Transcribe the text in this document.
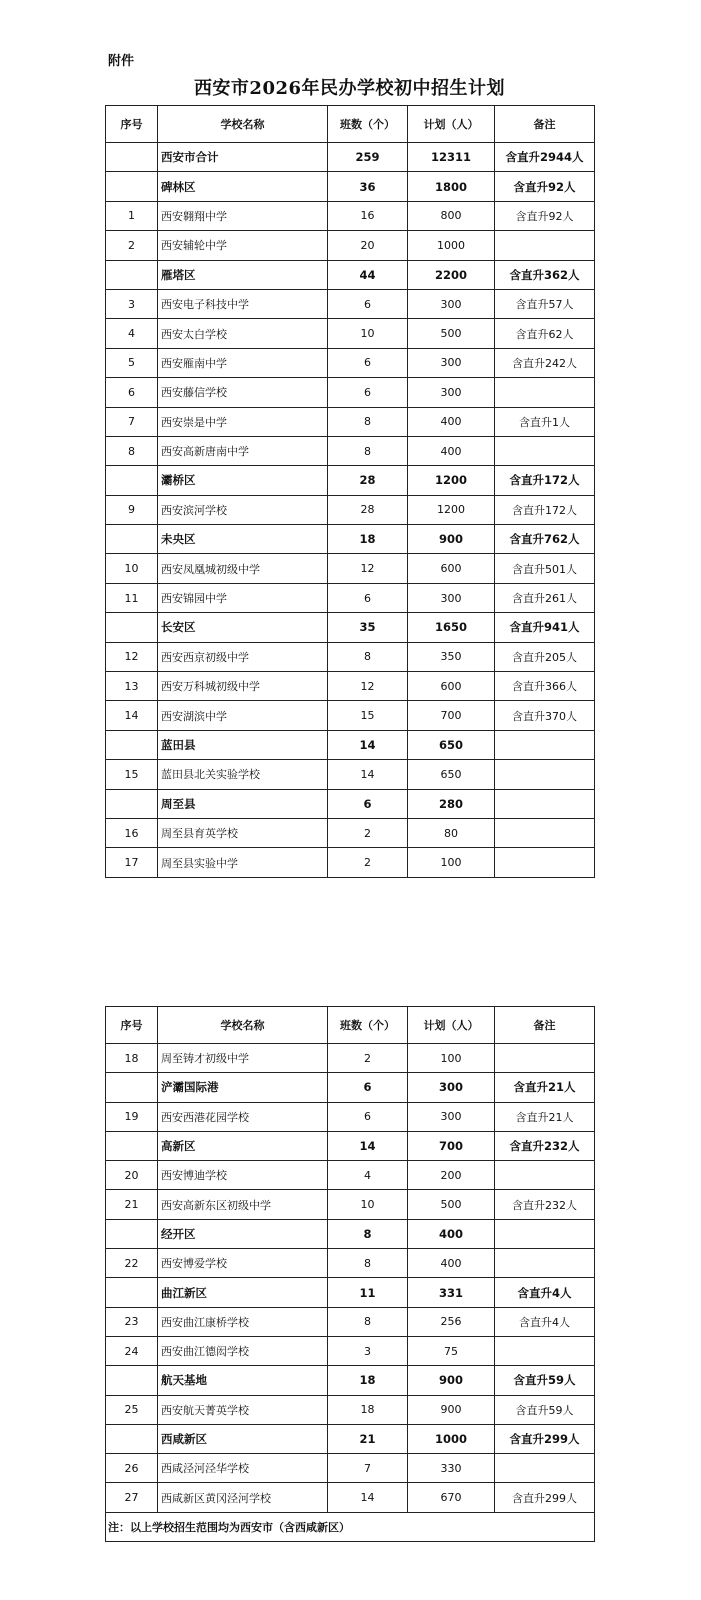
附件
西安市2026年民办学校初中招生计划
序号	学校名称	班数（个）	计划（人）	备注
	西安市合计	259	12311	含直升2944人
	碑林区	36	1800	含直升92人
1	西安翱翔中学	16	800	含直升92人
2	西安辅轮中学	20	1000	
	雁塔区	44	2200	含直升362人
3	西安电子科技中学	6	300	含直升57人
4	西安太白学校	10	500	含直升62人
5	西安雁南中学	6	300	含直升242人
6	西安藤信学校	6	300	
7	西安崇是中学	8	400	含直升1人
8	西安高新唐南中学	8	400	
	灞桥区	28	1200	含直升172人
9	西安滨河学校	28	1200	含直升172人
	未央区	18	900	含直升762人
10	西安凤凰城初级中学	12	600	含直升501人
11	西安锦园中学	6	300	含直升261人
	长安区	35	1650	含直升941人
12	西安西京初级中学	8	350	含直升205人
13	西安万科城初级中学	12	600	含直升366人
14	西安湖滨中学	15	700	含直升370人
	蓝田县	14	650	
15	蓝田县北关实验学校	14	650	
	周至县	6	280	
16	周至县育英学校	2	80	
17	周至县实验中学	2	100	
序号	学校名称	班数（个）	计划（人）	备注
18	周至铸才初级中学	2	100	
	浐灞国际港	6	300	含直升21人
19	西安西港花园学校	6	300	含直升21人
	高新区	14	700	含直升232人
20	西安博迪学校	4	200	
21	西安高新东区初级中学	10	500	含直升232人
	经开区	8	400	
22	西安博爱学校	8	400	
	曲江新区	11	331	含直升4人
23	西安曲江康桥学校	8	256	含直升4人
24	西安曲江德闳学校	3	75	
	航天基地	18	900	含直升59人
25	西安航天菁英学校	18	900	含直升59人
	西咸新区	21	1000	含直升299人
26	西咸泾河泾华学校	7	330	
27	西咸新区黄冈泾河学校	14	670	含直升299人
注：以上学校招生范围均为西安市（含西咸新区）				
